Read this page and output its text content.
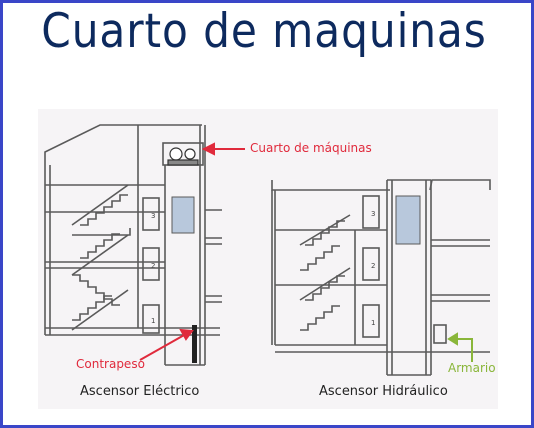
Cuarto de maquinas
3
2
1
3
2
1
Cuarto de máquinas
Contrapeso	Armario
Ascensor Eléctrico	Ascensor Hidráulico
